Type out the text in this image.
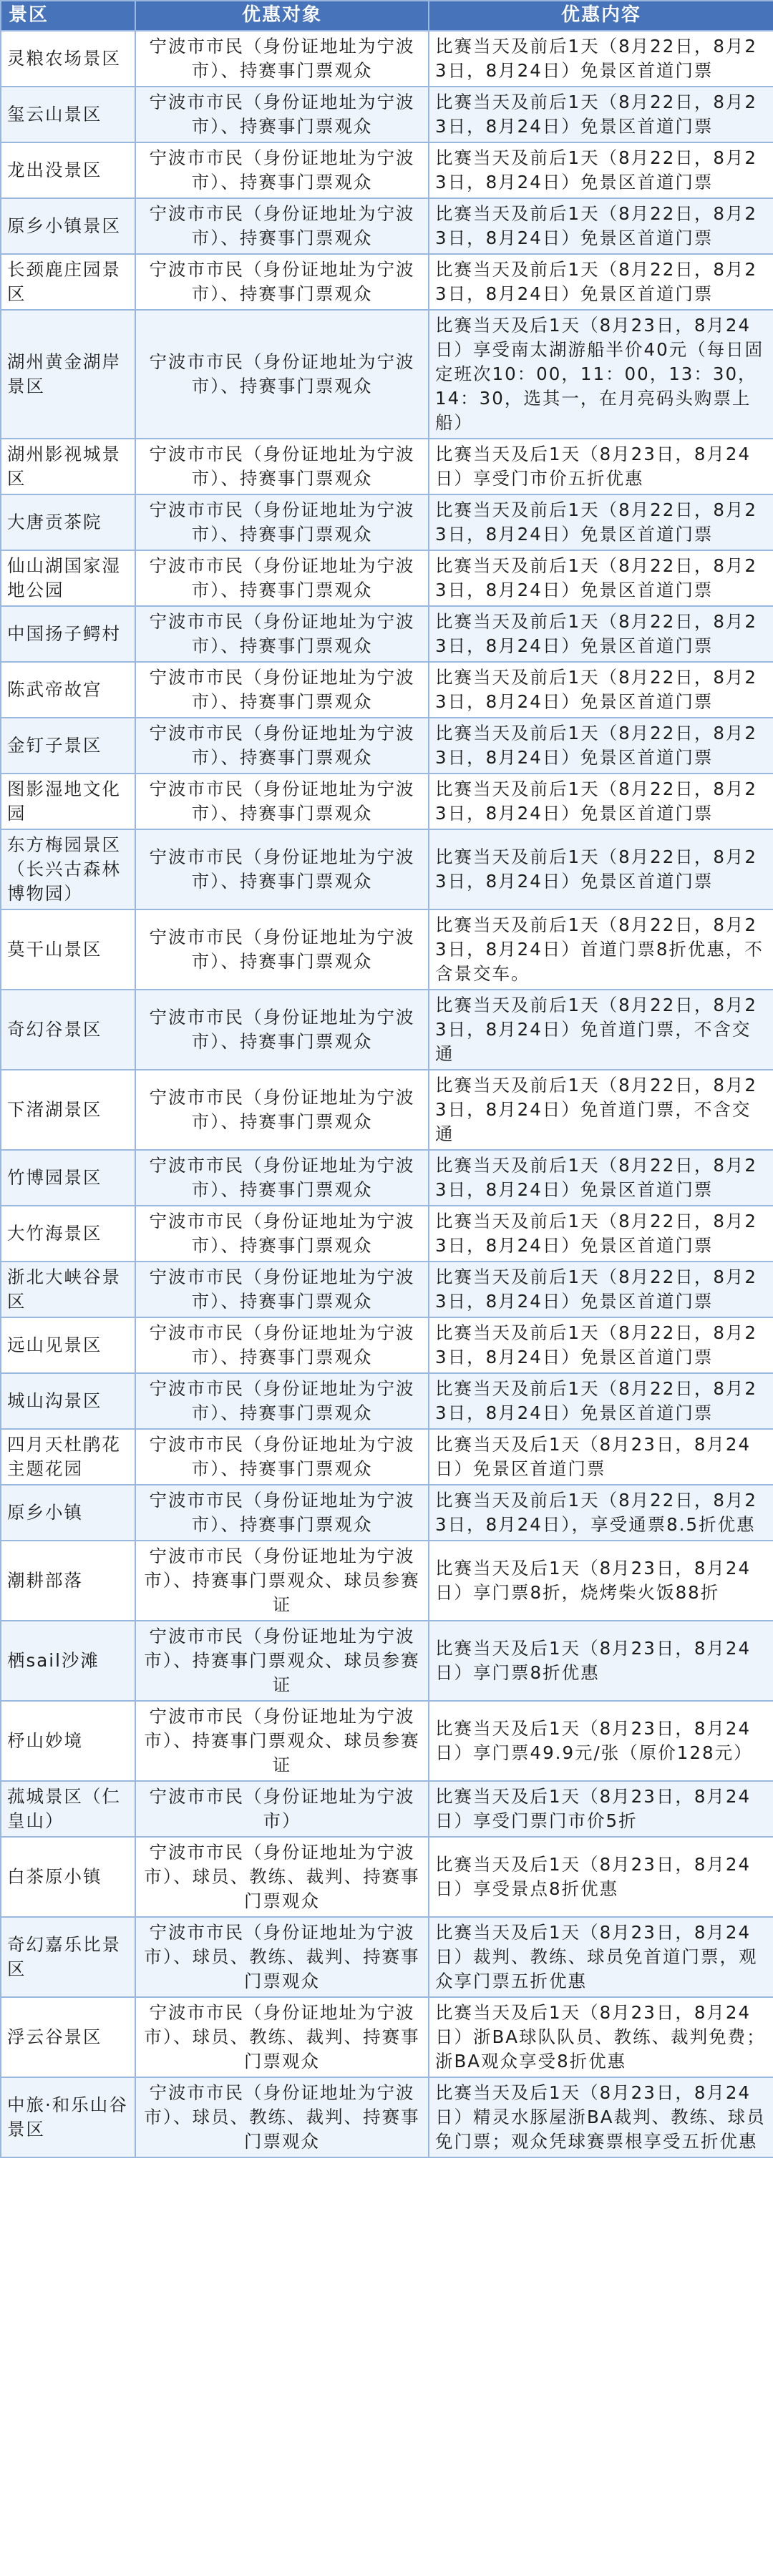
景区	优惠对象	优惠内容
灵粮农场景区	宁波市市民（身份证地址为宁波市）、持赛事门票观众	比赛当天及前后1天（8月22日，8月23日，8月24日）免景区首道门票
玺云山景区	宁波市市民（身份证地址为宁波市）、持赛事门票观众	比赛当天及前后1天（8月22日，8月23日，8月24日）免景区首道门票
龙出没景区	宁波市市民（身份证地址为宁波市）、持赛事门票观众	比赛当天及前后1天（8月22日，8月23日，8月24日）免景区首道门票
原乡小镇景区	宁波市市民（身份证地址为宁波市）、持赛事门票观众	比赛当天及前后1天（8月22日，8月23日，8月24日）免景区首道门票
长颈鹿庄园景区	宁波市市民（身份证地址为宁波市）、持赛事门票观众	比赛当天及前后1天（8月22日，8月23日，8月24日）免景区首道门票
湖州黄金湖岸景区	宁波市市民（身份证地址为宁波市）、持赛事门票观众	比赛当天及后1天（8月23日，8月24日）享受南太湖游船半价40元（每日固定班次10：00，11：00，13：30，14：30，选其一，在月亮码头购票上船）
湖州影视城景区	宁波市市民（身份证地址为宁波市）、持赛事门票观众	比赛当天及后1天（8月23日，8月24日）享受门市价五折优惠
大唐贡茶院	宁波市市民（身份证地址为宁波市）、持赛事门票观众	比赛当天及前后1天（8月22日，8月23日，8月24日）免景区首道门票
仙山湖国家湿地公园	宁波市市民（身份证地址为宁波市）、持赛事门票观众	比赛当天及前后1天（8月22日，8月23日，8月24日）免景区首道门票
中国扬子鳄村	宁波市市民（身份证地址为宁波市）、持赛事门票观众	比赛当天及前后1天（8月22日，8月23日，8月24日）免景区首道门票
陈武帝故宫	宁波市市民（身份证地址为宁波市）、持赛事门票观众	比赛当天及前后1天（8月22日，8月23日，8月24日）免景区首道门票
金钉子景区	宁波市市民（身份证地址为宁波市）、持赛事门票观众	比赛当天及前后1天（8月22日，8月23日，8月24日）免景区首道门票
图影湿地文化园	宁波市市民（身份证地址为宁波市）、持赛事门票观众	比赛当天及前后1天（8月22日，8月23日，8月24日）免景区首道门票
东方梅园景区（长兴古森林博物园）	宁波市市民（身份证地址为宁波市）、持赛事门票观众	比赛当天及前后1天（8月22日，8月23日，8月24日）免景区首道门票
莫干山景区	宁波市市民（身份证地址为宁波市）、持赛事门票观众	比赛当天及前后1天（8月22日，8月23日，8月24日）首道门票8折优惠，不含景交车。
奇幻谷景区	宁波市市民（身份证地址为宁波市）、持赛事门票观众	比赛当天及前后1天（8月22日，8月23日，8月24日）免首道门票，不含交通
下渚湖景区	宁波市市民（身份证地址为宁波市）、持赛事门票观众	比赛当天及前后1天（8月22日，8月23日，8月24日）免首道门票，不含交通
竹博园景区	宁波市市民（身份证地址为宁波市）、持赛事门票观众	比赛当天及前后1天（8月22日，8月23日，8月24日）免景区首道门票
大竹海景区	宁波市市民（身份证地址为宁波市）、持赛事门票观众	比赛当天及前后1天（8月22日，8月23日，8月24日）免景区首道门票
浙北大峡谷景区	宁波市市民（身份证地址为宁波市）、持赛事门票观众	比赛当天及前后1天（8月22日，8月23日，8月24日）免景区首道门票
远山见景区	宁波市市民（身份证地址为宁波市）、持赛事门票观众	比赛当天及前后1天（8月22日，8月23日，8月24日）免景区首道门票
城山沟景区	宁波市市民（身份证地址为宁波市）、持赛事门票观众	比赛当天及前后1天（8月22日，8月23日，8月24日）免景区首道门票
四月天杜鹃花主题花园	宁波市市民（身份证地址为宁波市）、持赛事门票观众	比赛当天及后1天（8月23日，8月24日）免景区首道门票
原乡小镇	宁波市市民（身份证地址为宁波市）、持赛事门票观众	比赛当天及前后1天（8月22日，8月23日，8月24日），享受通票8.5折优惠
潮耕部落	宁波市市民（身份证地址为宁波市）、持赛事门票观众、球员参赛证	比赛当天及后1天（8月23日，8月24日）享门票8折，烧烤柴火饭88折
栖sail沙滩	宁波市市民（身份证地址为宁波市）、持赛事门票观众、球员参赛证	比赛当天及后1天（8月23日，8月24日）享门票8折优惠
杼山妙境	宁波市市民（身份证地址为宁波市）、持赛事门票观众、球员参赛证	比赛当天及后1天（8月23日，8月24日）享门票49.9元/张（原价128元）
菰城景区（仁皇山）	宁波市市民（身份证地址为宁波市）	比赛当天及后1天（8月23日，8月24日）享受门票门市价5折
白茶原小镇	宁波市市民（身份证地址为宁波市）、球员、教练、裁判、持赛事门票观众	比赛当天及后1天（8月23日，8月24日）享受景点8折优惠
奇幻嘉乐比景区	宁波市市民（身份证地址为宁波市）、球员、教练、裁判、持赛事门票观众	比赛当天及后1天（8月23日，8月24日）裁判、教练、球员免首道门票，观众享门票五折优惠
浮云谷景区	宁波市市民（身份证地址为宁波市）、球员、教练、裁判、持赛事门票观众	比赛当天及后1天（8月23日，8月24日）浙BA球队队员、教练、裁判免费；浙BA观众享受8折优惠
中旅·和乐山谷景区	宁波市市民（身份证地址为宁波市）、球员、教练、裁判、持赛事门票观众	比赛当天及后1天（8月23日，8月24日）精灵水豚屋浙BA裁判、教练、球员免门票；观众凭球赛票根享受五折优惠
